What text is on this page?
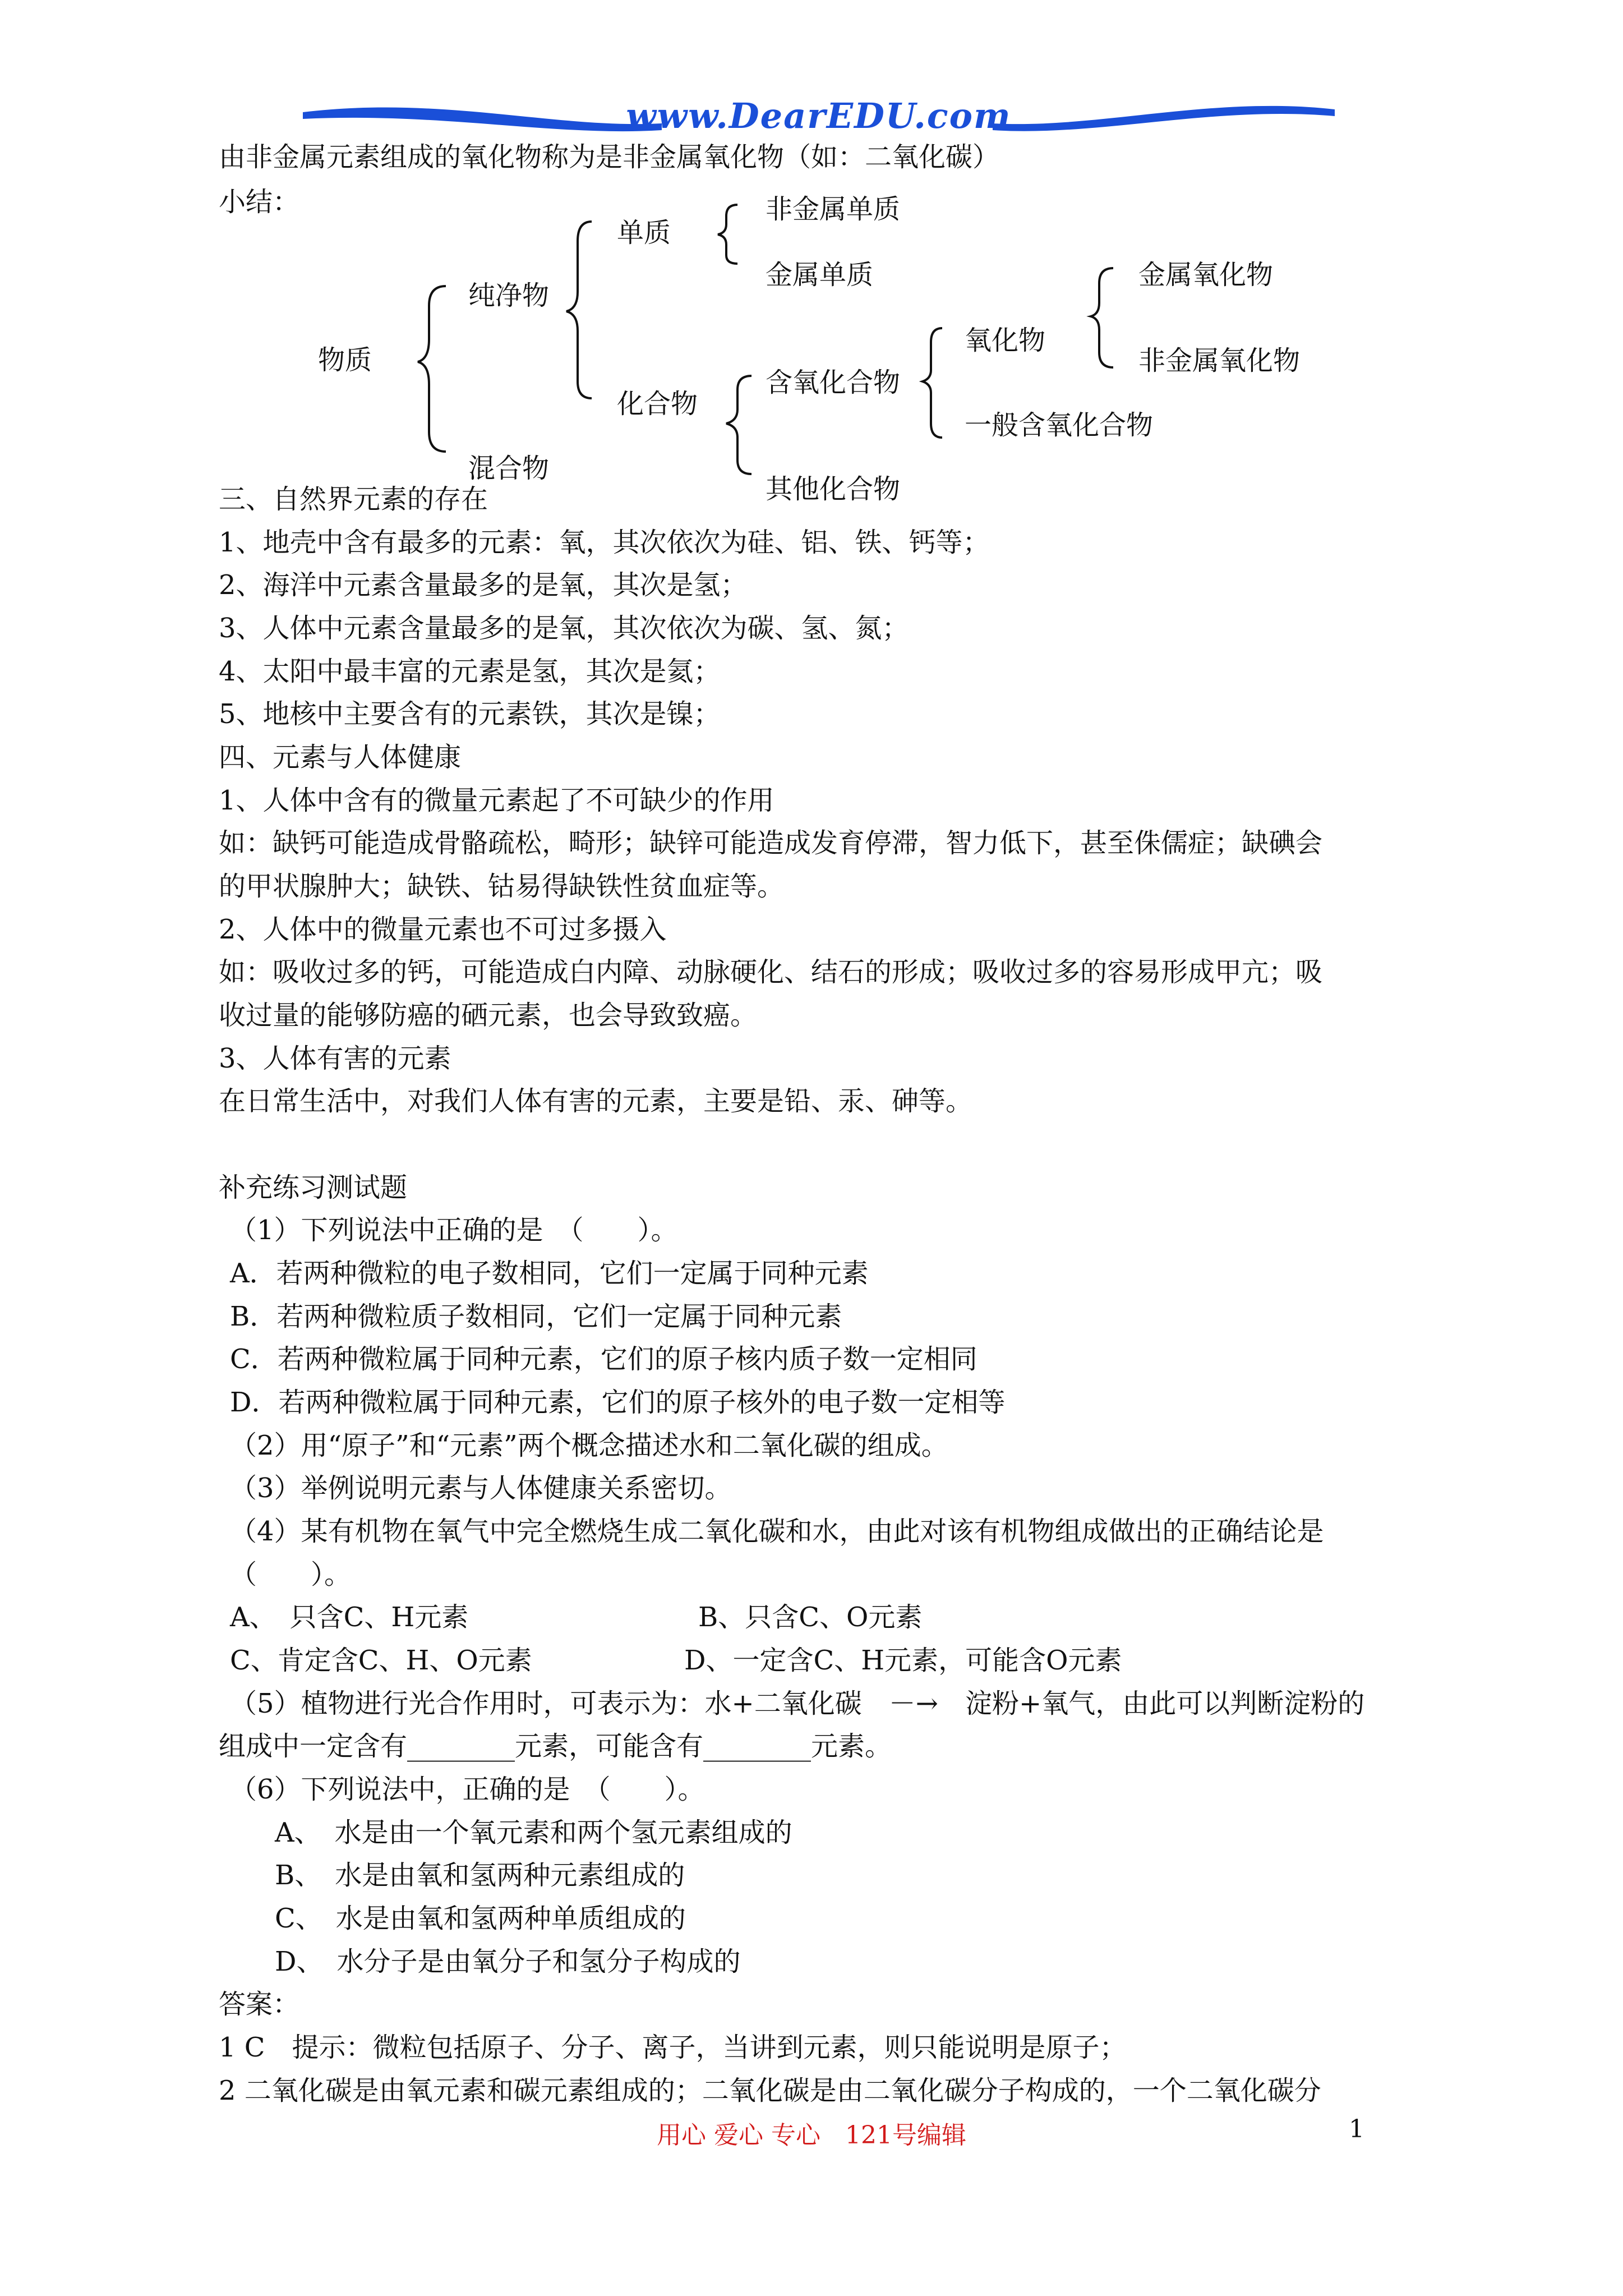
www.DearEDU.com
由非金属元素组成的氧化物称为是非金属氧化物（如：二氧化碳）
小结：
物质
纯净物
混合物
单质
非金属单质
金属单质
化合物
含氧化合物
其他化合物
氧化物
一般含氧化合物
金属氧化物
非金属氧化物
三、自然界元素的存在
1、地壳中含有最多的元素：氧，其次依次为硅、铝、铁、钙等；
2、海洋中元素含量最多的是氧，其次是氢；
3、人体中元素含量最多的是氧，其次依次为碳、氢、氮；
4、太阳中最丰富的元素是氢，其次是氦；
5、地核中主要含有的元素铁，其次是镍；
四、元素与人体健康
1、人体中含有的微量元素起了不可缺少的作用
如：缺钙可能造成骨骼疏松，畸形；缺锌可能造成发育停滞，智力低下，甚至侏儒症；缺碘会
的甲状腺肿大；缺铁、钴易得缺铁性贫血症等。
2、人体中的微量元素也不可过多摄入
如：吸收过多的钙，可能造成白内障、动脉硬化、结石的形成；吸收过多的容易形成甲亢；吸
收过量的能够防癌的硒元素，也会导致致癌。
3、人体有害的元素
在日常生活中，对我们人体有害的元素，主要是铅、汞、砷等。
补充练习测试题
（1）下列说法中正确的是　（　　）。
A．若两种微粒的电子数相同，它们一定属于同种元素
B．若两种微粒质子数相同，它们一定属于同种元素
C．若两种微粒属于同种元素，它们的原子核内质子数一定相同
D．若两种微粒属于同种元素，它们的原子核外的电子数一定相等
（2）用“原子”和“元素”两个概念描述水和二氧化碳的组成。
（3）举例说明元素与人体健康关系密切。
（4）某有机物在氧气中完全燃烧生成二氧化碳和水，由此对该有机物组成做出的正确结论是
（　　）。
A、　只含C、H元素	B、只含C、O元素
C、肯定含C、H、O元素	D、一定含C、H元素，可能含O元素
（5）植物进行光合作用时，可表示为：水+二氧化碳　－→　淀粉+氧气，由此可以判断淀粉的
组成中一定含有________元素，可能含有________元素。
（6）下列说法中，正确的是　（　　）。
A、　水是由一个氧元素和两个氢元素组成的
B、　水是由氧和氢两种元素组成的
C、　水是由氧和氢两种单质组成的
D、　水分子是由氧分子和氢分子构成的
答案：
1 C　提示：微粒包括原子、分子、离子，当讲到元素，则只能说明是原子；
2 二氧化碳是由氧元素和碳元素组成的；二氧化碳是由二氧化碳分子构成的，一个二氧化碳分
用心 爱心 专心　121号编辑	1
